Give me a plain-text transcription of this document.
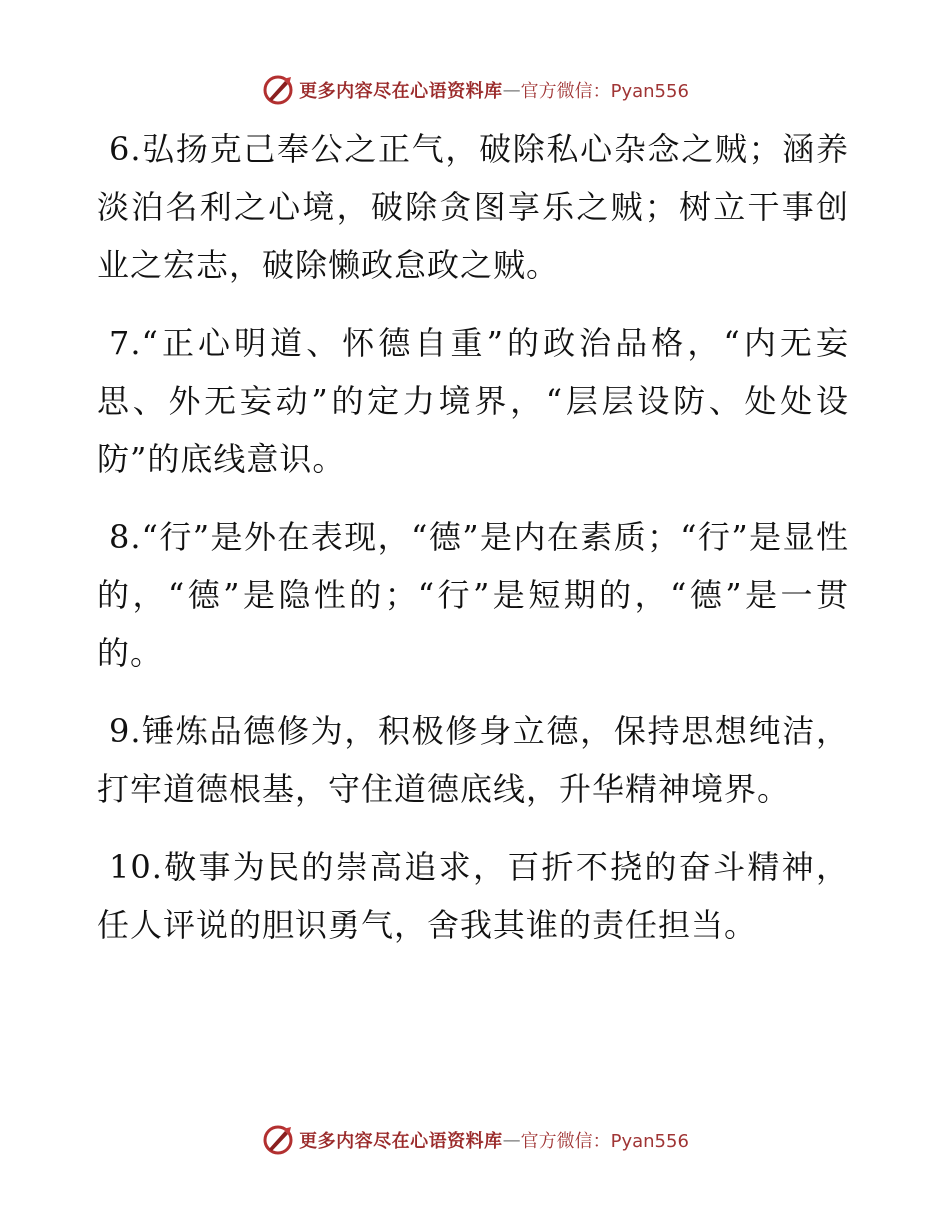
更多内容尽在心语资料库 — 官方微信：Pyan556

6.弘扬克己奉公之正气，破除私心杂念之贼；涵养淡泊名利之心境，破除贪图享乐之贼；树立干事创业之宏志，破除懒政怠政之贼。

7.“正心明道、怀德自重”的政治品格，“内无妄思、外无妄动”的定力境界，“层层设防、处处设防”的底线意识。

8.“行”是外在表现，“德”是内在素质；“行”是显性的，“德”是隐性的；“行”是短期的，“德”是一贯的。

9.锤炼品德修为，积极修身立德，保持思想纯洁，打牢道德根基，守住道德底线，升华精神境界。

10.敬事为民的崇高追求，百折不挠的奋斗精神，任人评说的胆识勇气，舍我其谁的责任担当。

更多内容尽在心语资料库 — 官方微信：Pyan556
